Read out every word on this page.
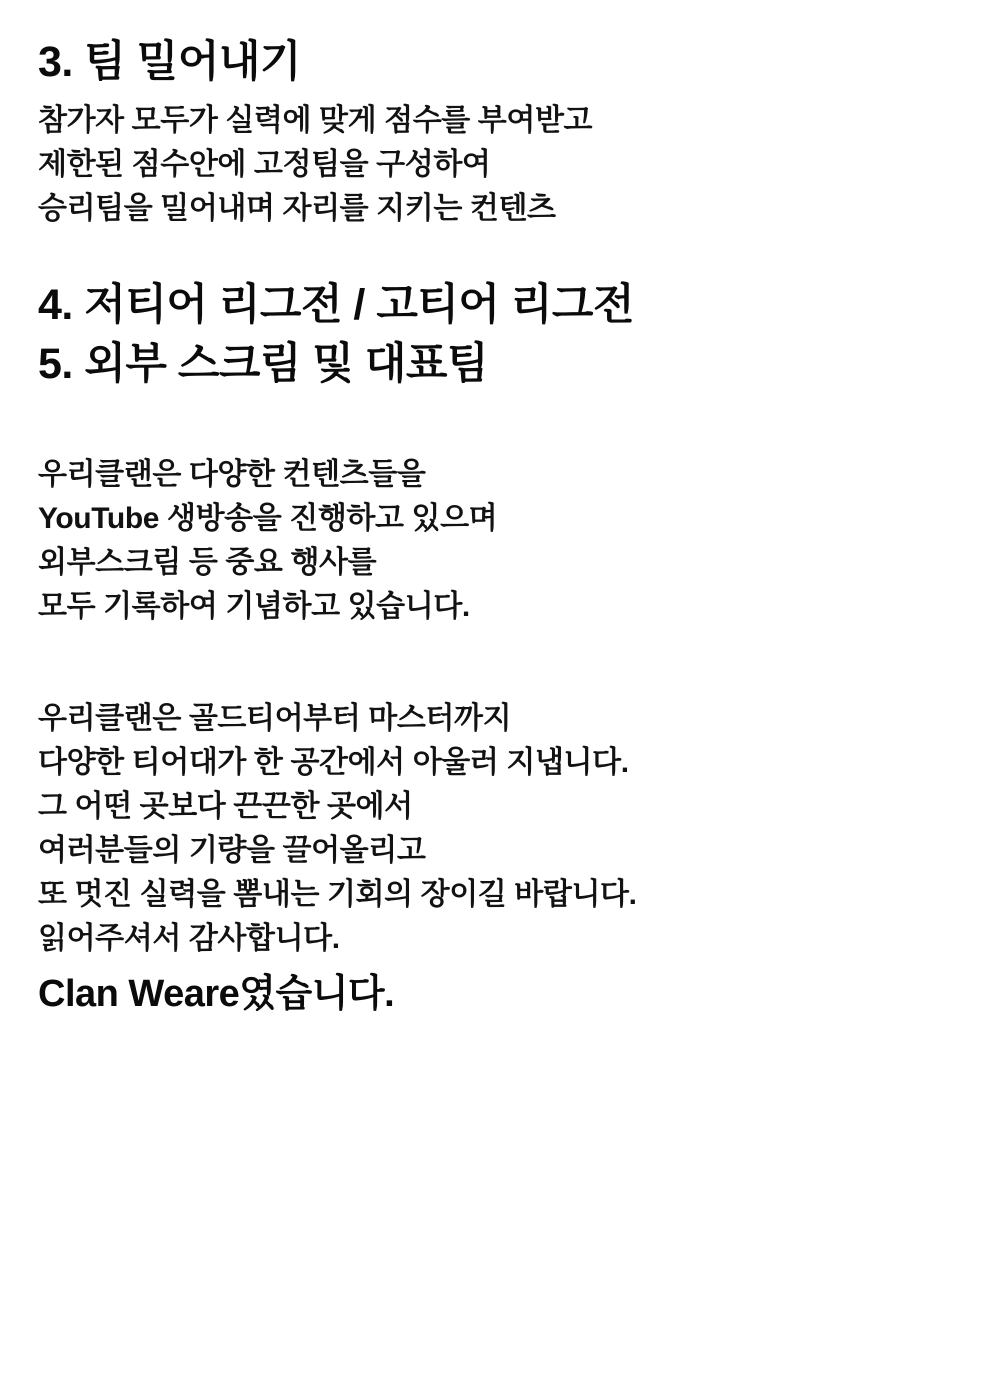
3. 팀 밀어내기

참가자 모두가 실력에 맞게 점수를 부여받고

제한된 점수안에 고정팀을 구성하여

승리팀을 밀어내며 자리를 지키는 컨텐츠

4. 저티어 리그전 / 고티어 리그전

5. 외부 스크림 및 대표팀

우리클랜은 다양한 컨텐츠들을

YouTube 생방송을 진행하고 있으며

외부스크림 등 중요 행사를

모두 기록하여 기념하고 있습니다.

우리클랜은 골드티어부터 마스터까지

다양한 티어대가 한 공간에서 아울러 지냅니다.

그 어떤 곳보다 끈끈한 곳에서

여러분들의 기량을 끌어올리고

또 멋진 실력을 뽐내는 기회의 장이길 바랍니다.

읽어주셔서 감사합니다.

Clan Weare였습니다.
